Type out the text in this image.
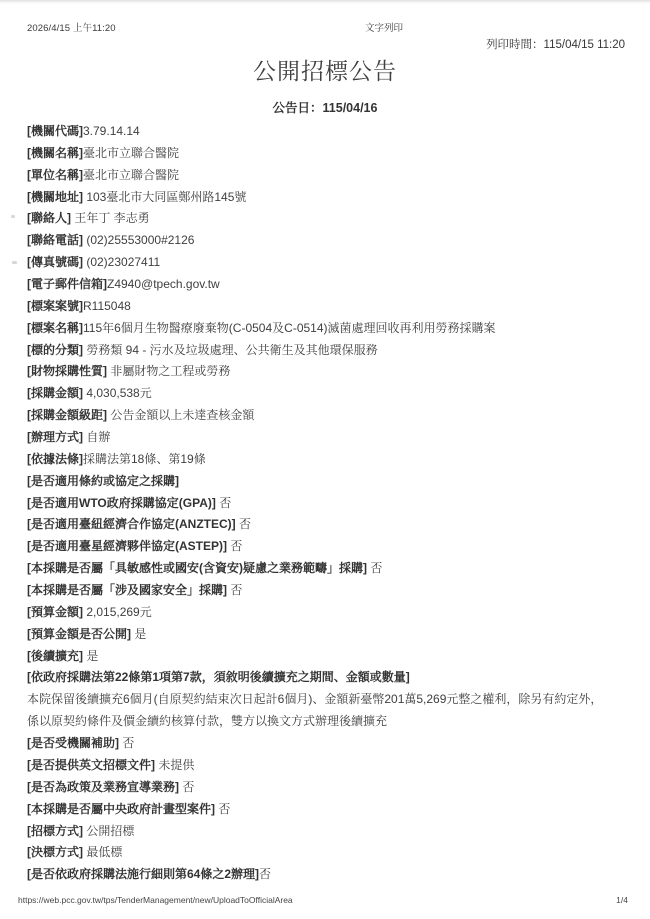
2026/4/15 上午11:20	文字列印
列印時間：115/04/15 11:20
公開招標公告
公告日：115/04/16
[機關代碼]3.79.14.14
[機關名稱]臺北市立聯合醫院
[單位名稱]臺北市立聯合醫院
[機關地址] 103臺北市大同區鄭州路145號
[聯絡人] 王年丁 李志勇
[聯絡電話] (02)25553000#2126
[傳真號碼] (02)23027411
[電子郵件信箱]Z4940@tpech.gov.tw
[標案案號]R115048
[標案名稱]115年6個月生物醫療廢棄物(C-0504及C-0514)滅菌處理回收再利用勞務採購案
[標的分類] 勞務類 94 - 污水及垃圾處理、公共衛生及其他環保服務
[財物採購性質] 非屬財物之工程或勞務
[採購金額] 4,030,538元
[採購金額級距] 公告金額以上未達查核金額
[辦理方式] 自辦
[依據法條]採購法第18條、第19條
[是否適用條約或協定之採購]
[是否適用WTO政府採購協定(GPA)] 否
[是否適用臺紐經濟合作協定(ANZTEC)] 否
[是否適用臺星經濟夥伴協定(ASTEP)] 否
[本採購是否屬「具敏感性或國安(含資安)疑慮之業務範疇」採購] 否
[本採購是否屬「涉及國家安全」採購] 否
[預算金額] 2,015,269元
[預算金額是否公開] 是
[後續擴充] 是
[依政府採購法第22條第1項第7款，須敘明後續擴充之期間、金額或數量]
本院保留後續擴充6個月(自原契約結束次日起計6個月)、金額新臺幣201萬5,269元整之權利，除另有約定外，
係以原契約條件及價金續約核算付款，雙方以換文方式辦理後續擴充
[是否受機關補助] 否
[是否提供英文招標文件] 未提供
[是否為政策及業務宣導業務] 否
[本採購是否屬中央政府計畫型案件] 否
[招標方式] 公開招標
[決標方式] 最低標
[是否依政府採購法施行細則第64條之2辦理]否
https://web.pcc.gov.tw/tps/TenderManagement/new/UploadToOfficialArea	1/4
